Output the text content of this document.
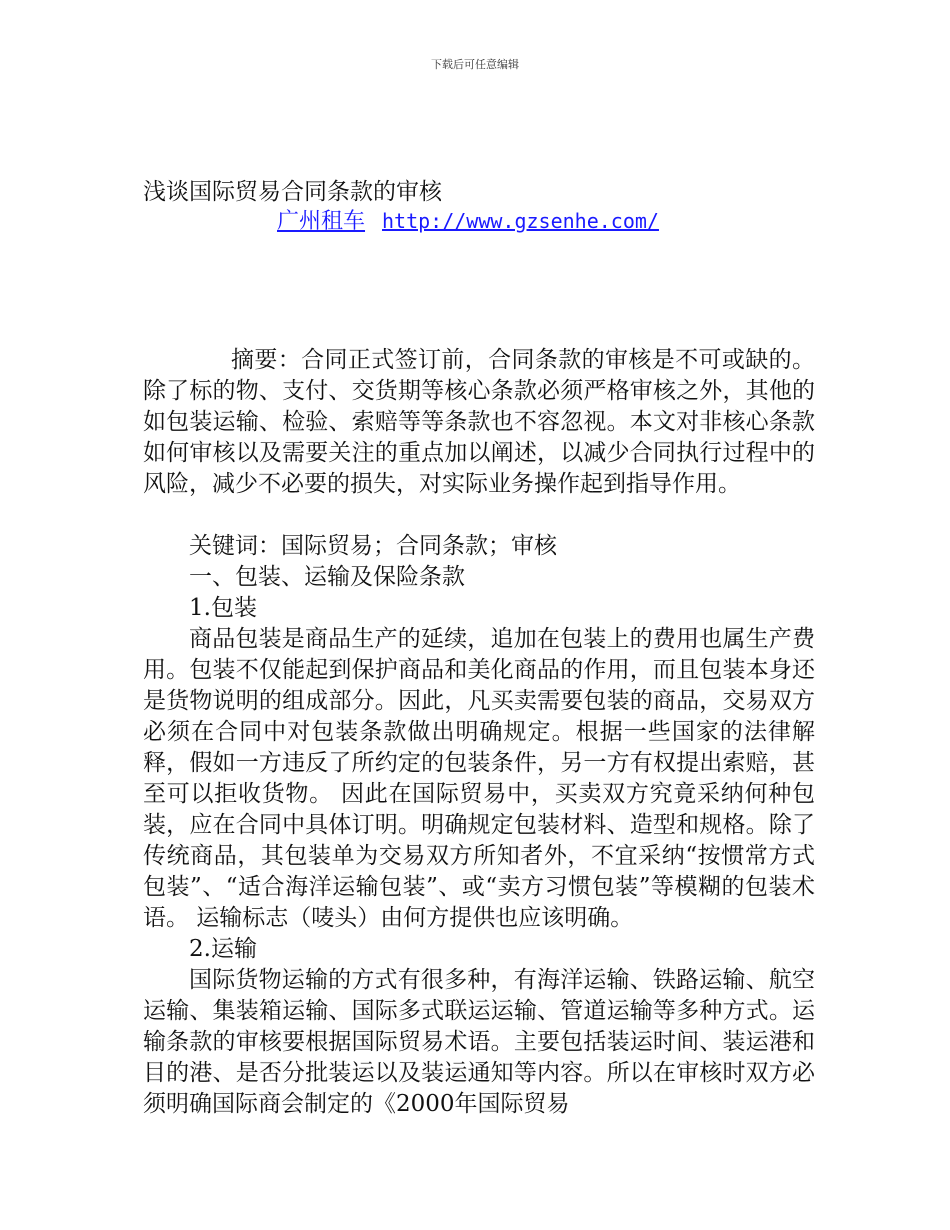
下载后可任意编辑
浅谈国际贸易合同条款的审核
广州租车 http://www.gzsenhe.com/

摘要：合同正式签订前，合同条款的审核是不可或缺的。除了标的物、支付、交货期等核心条款必须严格审核之外，其他的如包装运输、检验、索赔等等条款也不容忽视。本文对非核心条款如何审核以及需要关注的重点加以阐述，以减少合同执行过程中的风险，减少不必要的损失，对实际业务操作起到指导作用。

关键词：国际贸易；合同条款；审核

一、包装、运输及保险条款

1.包装

商品包装是商品生产的延续，追加在包装上的费用也属生产费用。包装不仅能起到保护商品和美化商品的作用，而且包装本身还是货物说明的组成部分。因此，凡买卖需要包装的商品，交易双方必须在合同中对包装条款做出明确规定。根据一些国家的法律解释，假如一方违反了所约定的包装条件，另一方有权提出索赔，甚至可以拒收货物。 因此在国际贸易中，买卖双方究竟采纳何种包装，应在合同中具体订明。明确规定包装材料、造型和规格。除了传统商品，其包装单为交易双方所知者外，不宜采纳“按惯常方式包装”、“适合海洋运输包装”、或“卖方习惯包装”等模糊的包装术语。 运输标志（唛头）由何方提供也应该明确。

2.运输

国际货物运输的方式有很多种，有海洋运输、铁路运输、航空运输、集装箱运输、国际多式联运运输、管道运输等多种方式。运输条款的审核要根据国际贸易术语。主要包括装运时间、装运港和目的港、是否分批装运以及装运通知等内容。所以在审核时双方必须明确国际商会制定的《2000年国际贸易
